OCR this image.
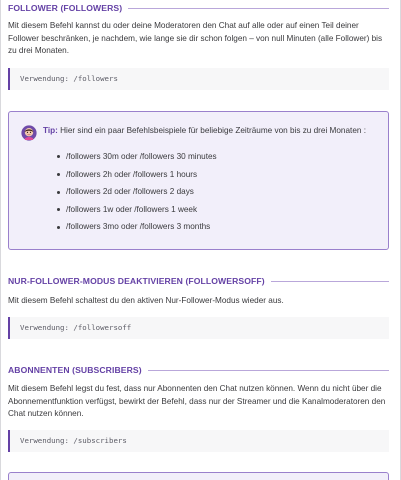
FOLLOWER (FOLLOWERS)

Mit diesem Befehl kannst du oder deine Moderatoren den Chat auf alle oder auf einen Teil deiner Follower beschränken, je nachdem, wie lange sie dir schon folgen – von null Minuten (alle Follower) bis zu drei Monaten.

Verwendung: /followers
Tip: Hier sind ein paar Befehlsbeispiele für beliebige Zeiträume von bis zu drei Monaten :
/followers 30m oder /followers 30 minutes
/followers 2h oder /followers 1 hours
/followers 2d oder /followers 2 days
/followers 1w oder /followers 1 week
/followers 3mo oder /followers 3 months
NUR-FOLLOWER-MODUS DEAKTIVIEREN (FOLLOWERSOFF)

Mit diesem Befehl schaltest du den aktiven Nur-Follower-Modus wieder aus.

Verwendung: /followersoff
ABONNENTEN (SUBSCRIBERS)

Mit diesem Befehl legst du fest, dass nur Abonnenten den Chat nutzen können. Wenn du nicht über die Abonnementfunktion verfügst, bewirkt der Befehl, dass nur der Streamer und die Kanalmoderatoren den Chat nutzen können.

Verwendung: /subscribers
